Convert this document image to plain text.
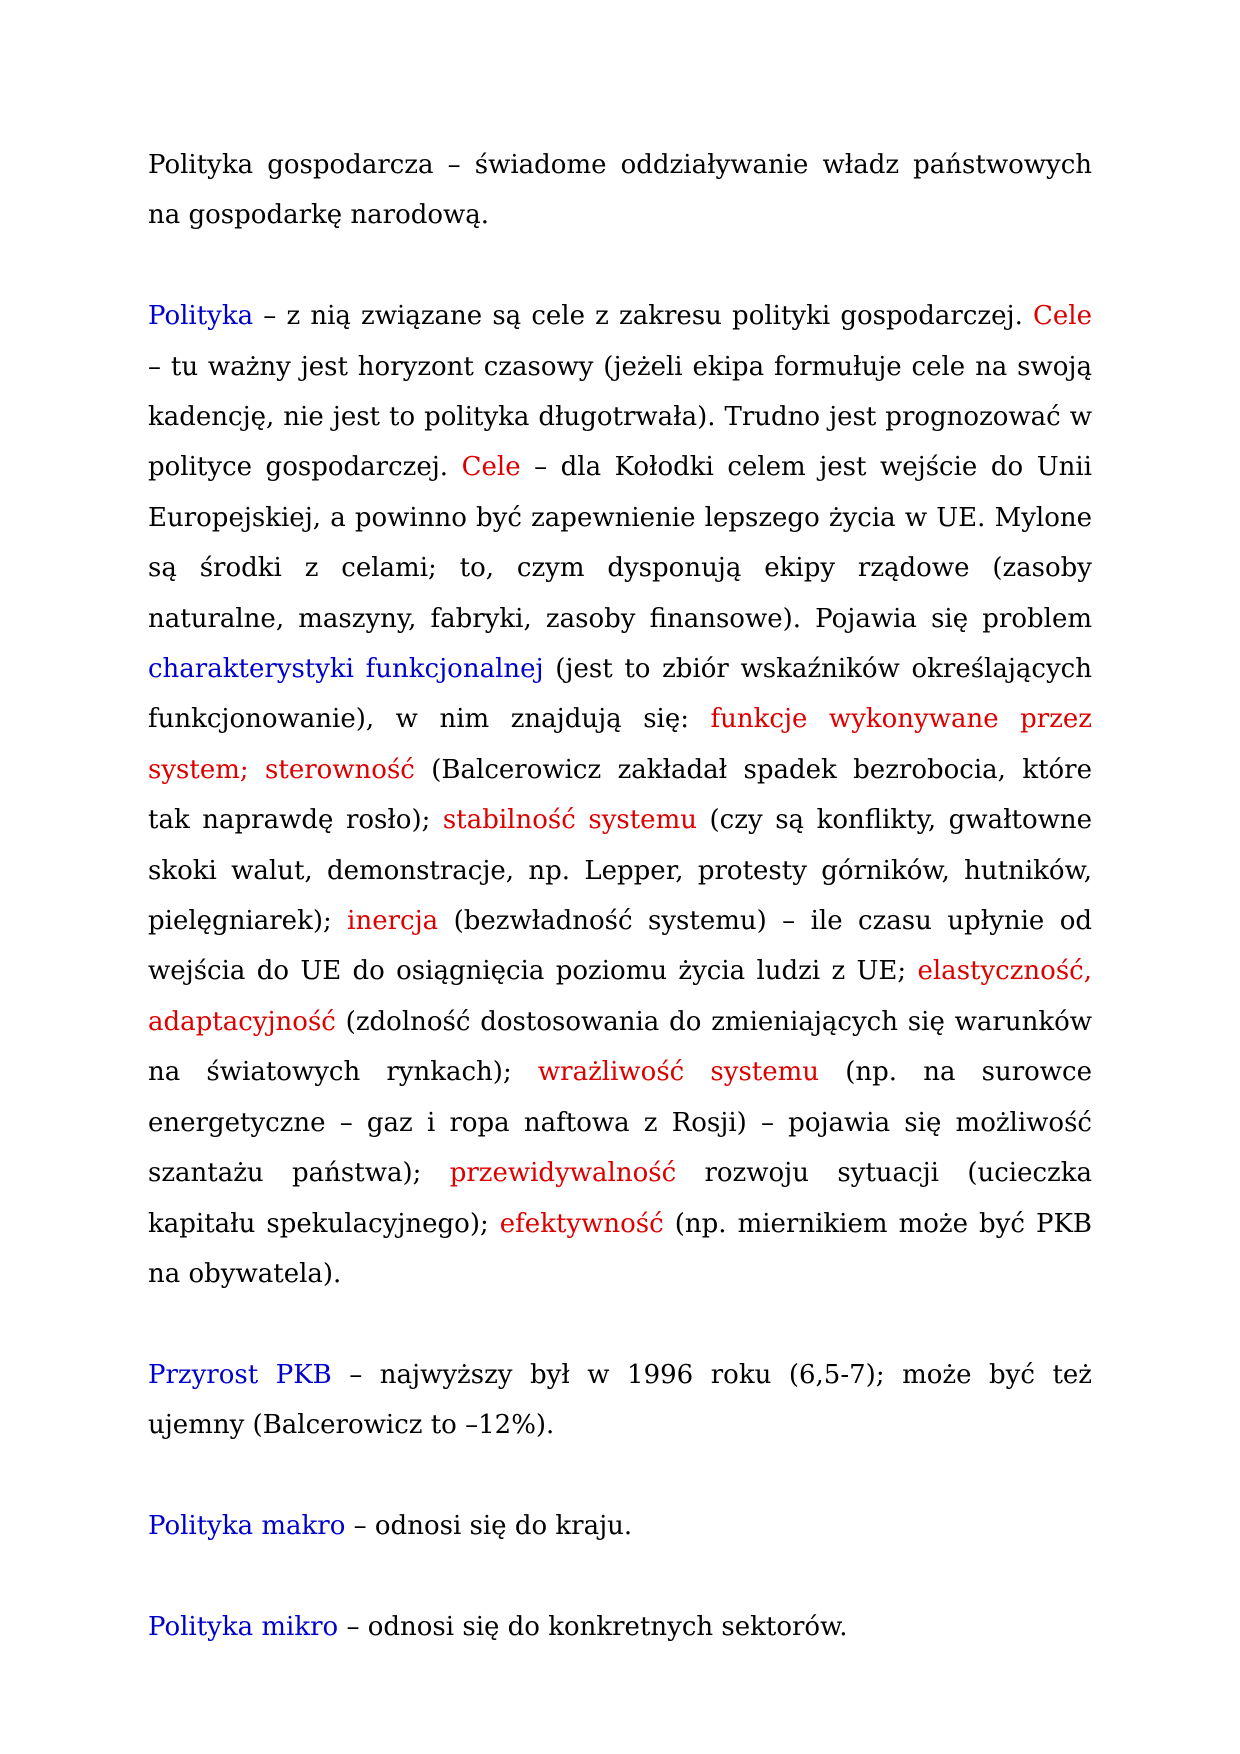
Polityka gospodarcza – świadome oddziaływanie władz państwowych na gospodarkę narodową.

Polityka – z nią związane są cele z zakresu polityki gospodarczej. Cele – tu ważny jest horyzont czasowy (jeżeli ekipa formułuje cele na swoją kadencję, nie jest to polityka długotrwała). Trudno jest prognozować w polityce gospodarczej. Cele – dla Kołodki celem jest wejście do Unii Europejskiej, a powinno być zapewnienie lepszego życia w UE. Mylone są środki z celami; to, czym dysponują ekipy rządowe (zasoby naturalne, maszyny, fabryki, zasoby finansowe). Pojawia się problem charakterystyki funkcjonalnej (jest to zbiór wskaźników określających funkcjonowanie), w nim znajdują się: funkcje wykonywane przez system; sterowność (Balcerowicz zakładał spadek bezrobocia, które tak naprawdę rosło); stabilność systemu (czy są konflikty, gwałtowne skoki walut, demonstracje, np. Lepper, protesty górników, hutników, pielęgniarek); inercja (bezwładność systemu) – ile czasu upłynie od wejścia do UE do osiągnięcia poziomu życia ludzi z UE; elastyczność, adaptacyjność (zdolność dostosowania do zmieniających się warunków na światowych rynkach); wrażliwość systemu (np. na surowce energetyczne – gaz i ropa naftowa z Rosji) – pojawia się możliwość szantażu państwa); przewidywalność rozwoju sytuacji (ucieczka kapitału spekulacyjnego); efektywność (np. miernikiem może być PKB na obywatela).

Przyrost PKB – najwyższy był w 1996 roku (6,5-7); może być też ujemny (Balcerowicz to –12%).

Polityka makro – odnosi się do kraju.

Polityka mikro – odnosi się do konkretnych sektorów.
